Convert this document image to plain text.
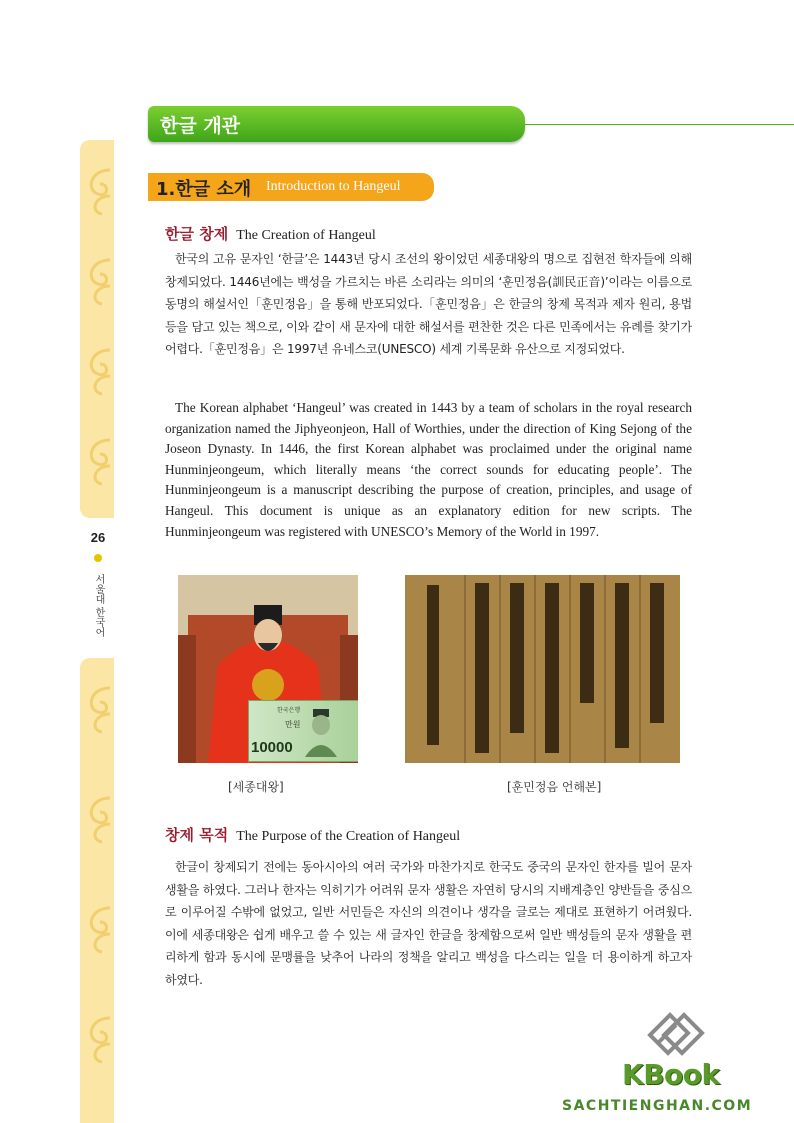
26
서울대 한국어
한글 개관
1.한글 소개 Introduction to Hangeul
한글 창제 The Creation of Hangeul

한국의 고유 문자인 ‘한글’은 1443년 당시 조선의 왕이었던 세종대왕의 명으로 집현전 학자들에 의해 창제되었다. 1446년에는 백성을 가르치는 바른 소리라는 의미의 ‘훈민정음(訓民正音)’이라는 이름으로 동명의 해설서인「훈민정음」을 통해 반포되었다.「훈민정음」은 한글의 창제 목적과 제자 원리, 용법 등을 담고 있는 책으로, 이와 같이 새 문자에 대한 해설서를 편찬한 것은 다른 민족에서는 유례를 찾기가 어렵다.「훈민정음」은 1997년 유네스코(UNESCO) 세계 기록문화 유산으로 지정되었다.

The Korean alphabet ‘Hangeul’ was created in 1443 by a team of scholars in the royal research organization named the Jiphyeonjeon, Hall of Worthies, under the direction of King Sejong of the Joseon Dynasty. In 1446, the first Korean alphabet was proclaimed under the original name Hunminjeongeum, which literally means ‘the correct sounds for educating people’. The Hunminjeongeum is a manuscript describing the purpose of creation, principles, and usage of Hangeul. This document is unique as an explanatory edition for new scripts. The Hunminjeongeum was registered with UNESCO’s Memory of the World in 1997.

한국은행
만원
10000
[세종대왕]	[훈민정음 언해본]
창제 목적 The Purpose of the Creation of Hangeul

한글이 창제되기 전에는 동아시아의 여러 국가와 마찬가지로 한국도 중국의 문자인 한자를 빌어 문자 생활을 하였다. 그러나 한자는 익히기가 어려워 문자 생활은 자연히 당시의 지배계층인 양반들을 중심으로 이루어질 수밖에 없었고, 일반 서민들은 자신의 의견이나 생각을 글로는 제대로 표현하기 어려웠다. 이에 세종대왕은 쉽게 배우고 쓸 수 있는 새 글자인 한글을 창제함으로써 일반 백성들의 문자 생활을 편리하게 함과 동시에 문맹률을 낮추어 나라의 정책을 알리고 백성을 다스리는 일을 더 용이하게 하고자 하였다.

KBook
SACHTIENGHAN.COM
